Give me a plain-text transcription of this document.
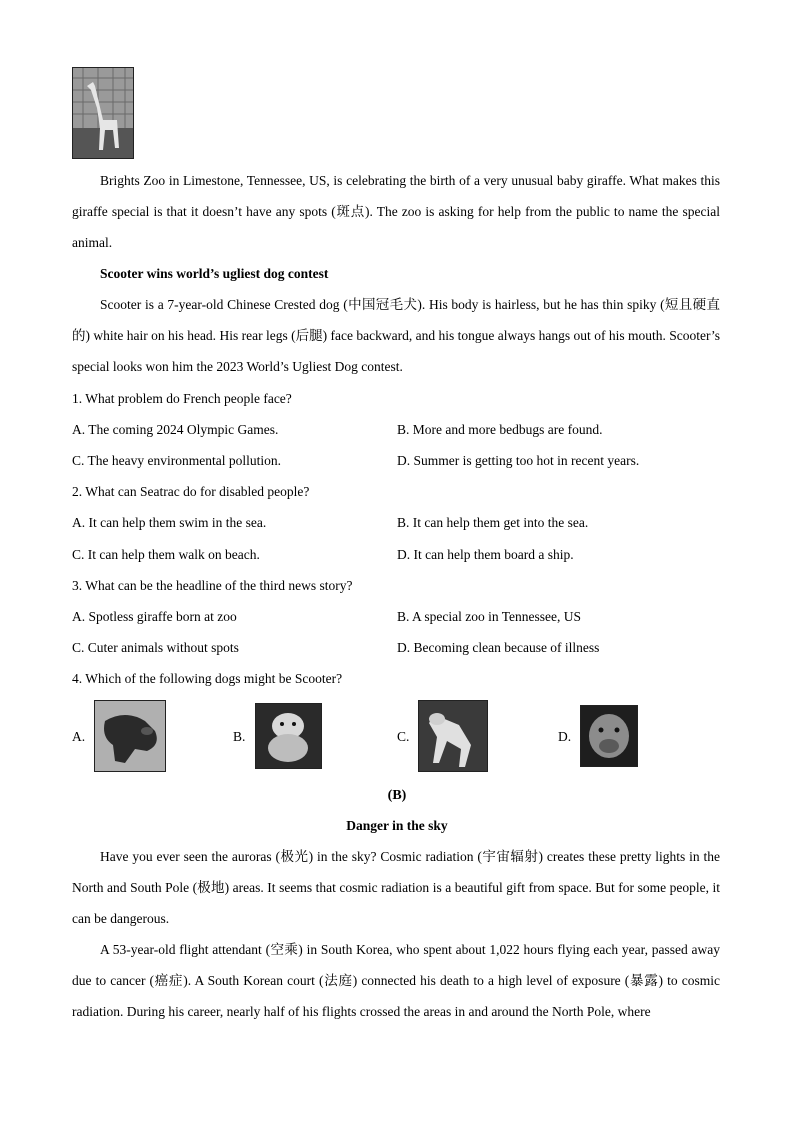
Brights Zoo in Limestone, Tennessee, US, is celebrating the birth of a very unusual baby giraffe. What makes this giraffe special is that it doesn’t have any spots (斑点). The zoo is asking for help from the public to name the special animal.

Scooter wins world’s ugliest dog contest

Scooter is a 7-year-old Chinese Crested dog (中国冠毛犬). His body is hairless, but he has thin spiky (短且硬直的) white hair on his head. His rear legs (后腿) face backward, and his tongue always hangs out of his mouth. Scooter’s special looks won him the 2023 World’s Ugliest Dog contest.

1. What problem do French people face?
A. The coming 2024 Olympic Games.	B. More and more bedbugs are found.
C. The heavy environmental pollution.	D. Summer is getting too hot in recent years.
2. What can Seatrac do for disabled people?
A. It can help them swim in the sea.	B. It can help them get into the sea.
C. It can help them walk on beach.	D. It can help them board a ship.
3. What can be the headline of the third news story?
A. Spotless giraffe born at zoo	B. A special zoo in Tennessee, US
C. Cuter animals without spots	D. Becoming clean because of illness
4. Which of the following dogs might be Scooter?
A.	B.	C.	D.
(B)
Danger in the sky

Have you ever seen the auroras (极光) in the sky? Cosmic radiation (宇宙辐射) creates these pretty lights in the North and South Pole (极地) areas. It seems that cosmic radiation is a beautiful gift from space. But for some people, it can be dangerous.

A 53-year-old flight attendant (空乘) in South Korea, who spent about 1,022 hours flying each year, passed away due to cancer (癌症). A South Korean court (法庭) connected his death to a high level of exposure (暴露) to cosmic radiation. During his career, nearly half of his flights crossed the areas in and around the North Pole, where
